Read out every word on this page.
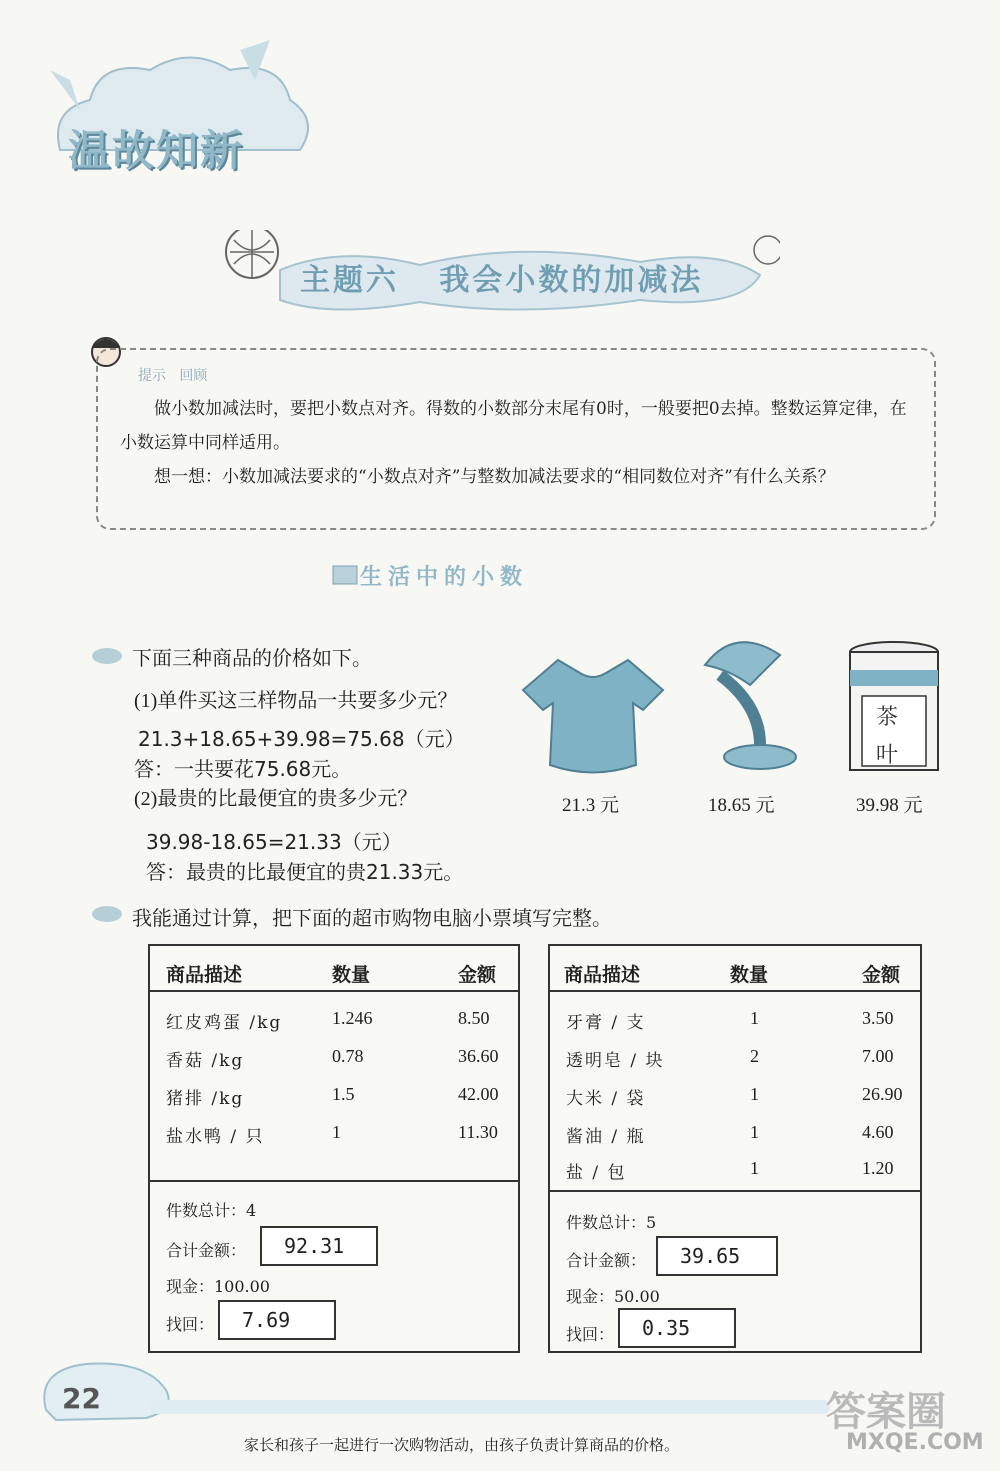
温故知新
主题六   我会小数的加减法
提示   回顾

做小数加减法时，要把小数点对齐。得数的小数部分末尾有0时，一般要把0去掉。整数运算定律，在小数运算中同样适用。

想一想：小数加减法要求的“小数点对齐”与整数加减法要求的“相同数位对齐”有什么关系？

生活中的小数
下面三种商品的价格如下。
(1)单件买这三样物品一共要多少元？
21.3+18.65+39.98=75.68（元）
答：一共要花75.68元。
(2)最贵的比最便宜的贵多少元？
39.98-18.65=21.33（元）
答：最贵的比最便宜的贵21.33元。
21.3 元	18.65 元
茶
叶
39.98 元
我能通过计算，把下面的超市购物电脑小票填写完整。
商品描述	数量	金额
红皮鸡蛋 /kg	1.246	8.50
香菇 /kg	0.78	36.60
猪排 /kg	1.5	42.00
盐水鸭 / 只	1	11.30
件数总计：4
合计金额：	92.31
现金：100.00
找回：	7.69
商品描述	数量	金额
牙膏 / 支	1	3.50
透明皂 / 块	2	7.00
大米 / 袋	1	26.90
酱油 / 瓶	1	4.60
盐 / 包	1	1.20
件数总计：5
合计金额：	39.65
现金：50.00
找回：	0.35
22
家长和孩子一起进行一次购物活动，由孩子负责计算商品的价格。
答案圈
MXQE.COM
